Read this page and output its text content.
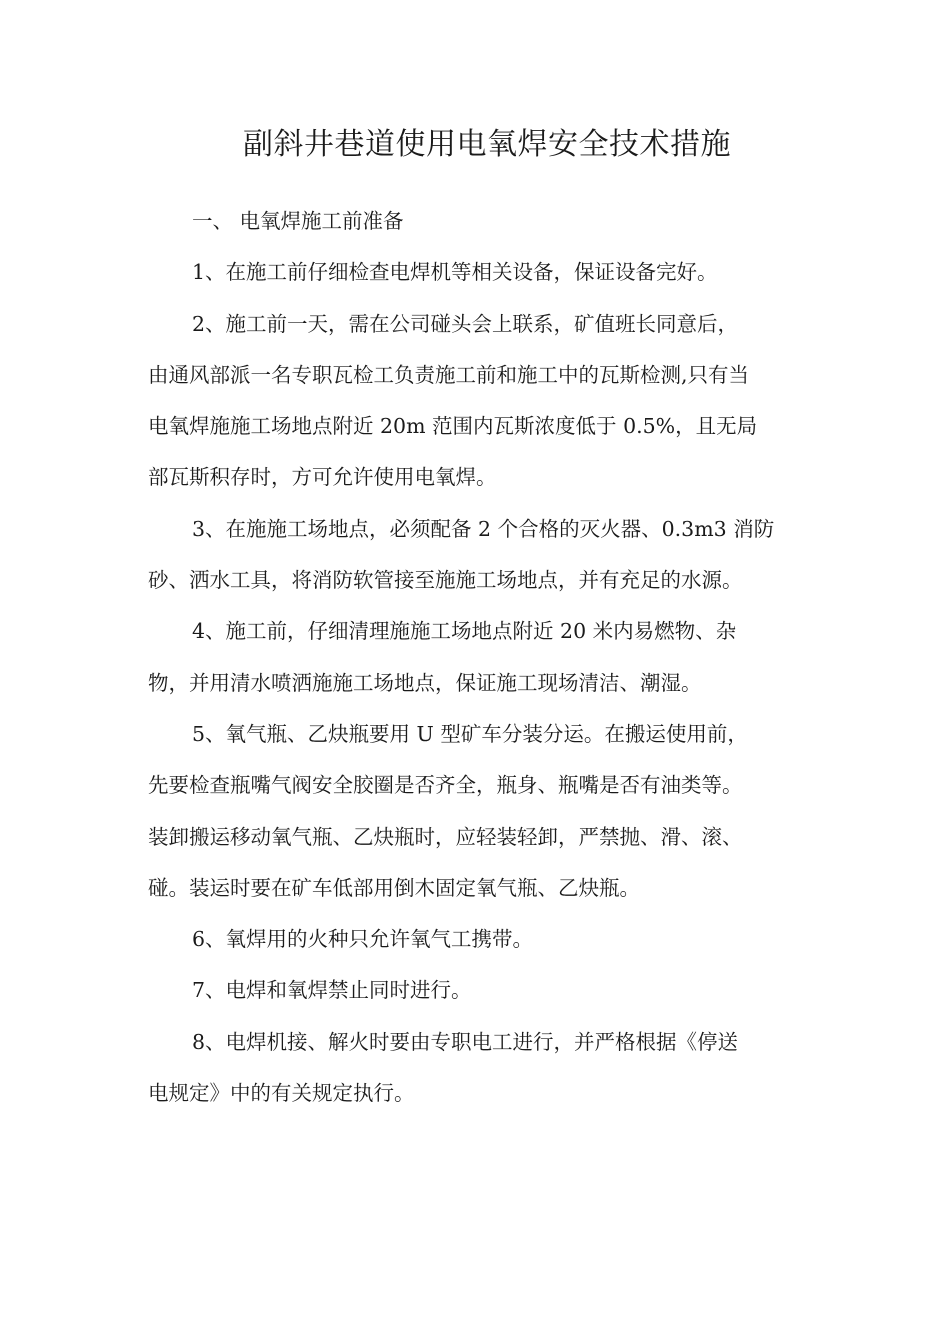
副斜井巷道使用电氧焊安全技术措施

一、 电氧焊施工前准备

1、在施工前仔细检查电焊机等相关设备，保证设备完好。

2、施工前一天，需在公司碰头会上联系，矿值班长同意后，
由通风部派一名专职瓦检工负责施工前和施工中的瓦斯检测,只有当
电氧焊施施工场地点附近 20m 范围内瓦斯浓度低于 0.5%，且无局
部瓦斯积存时，方可允许使用电氧焊。

3、在施施工场地点，必须配备 2 个合格的灭火器、0.3m3 消防
砂、洒水工具，将消防软管接至施施工场地点，并有充足的水源。

4、施工前，仔细清理施施工场地点附近 20 米内易燃物、杂
物，并用清水喷洒施施工场地点，保证施工现场清洁、潮湿。

5、氧气瓶、乙炔瓶要用 U 型矿车分装分运。在搬运使用前，
先要检查瓶嘴气阀安全胶圈是否齐全，瓶身、瓶嘴是否有油类等。
装卸搬运移动氧气瓶、乙炔瓶时，应轻装轻卸，严禁抛、滑、滚、
碰。装运时要在矿车低部用倒木固定氧气瓶、乙炔瓶。

6、氧焊用的火种只允许氧气工携带。

7、电焊和氧焊禁止同时进行。

8、电焊机接、解火时要由专职电工进行，并严格根据《停送
电规定》中的有关规定执行。
